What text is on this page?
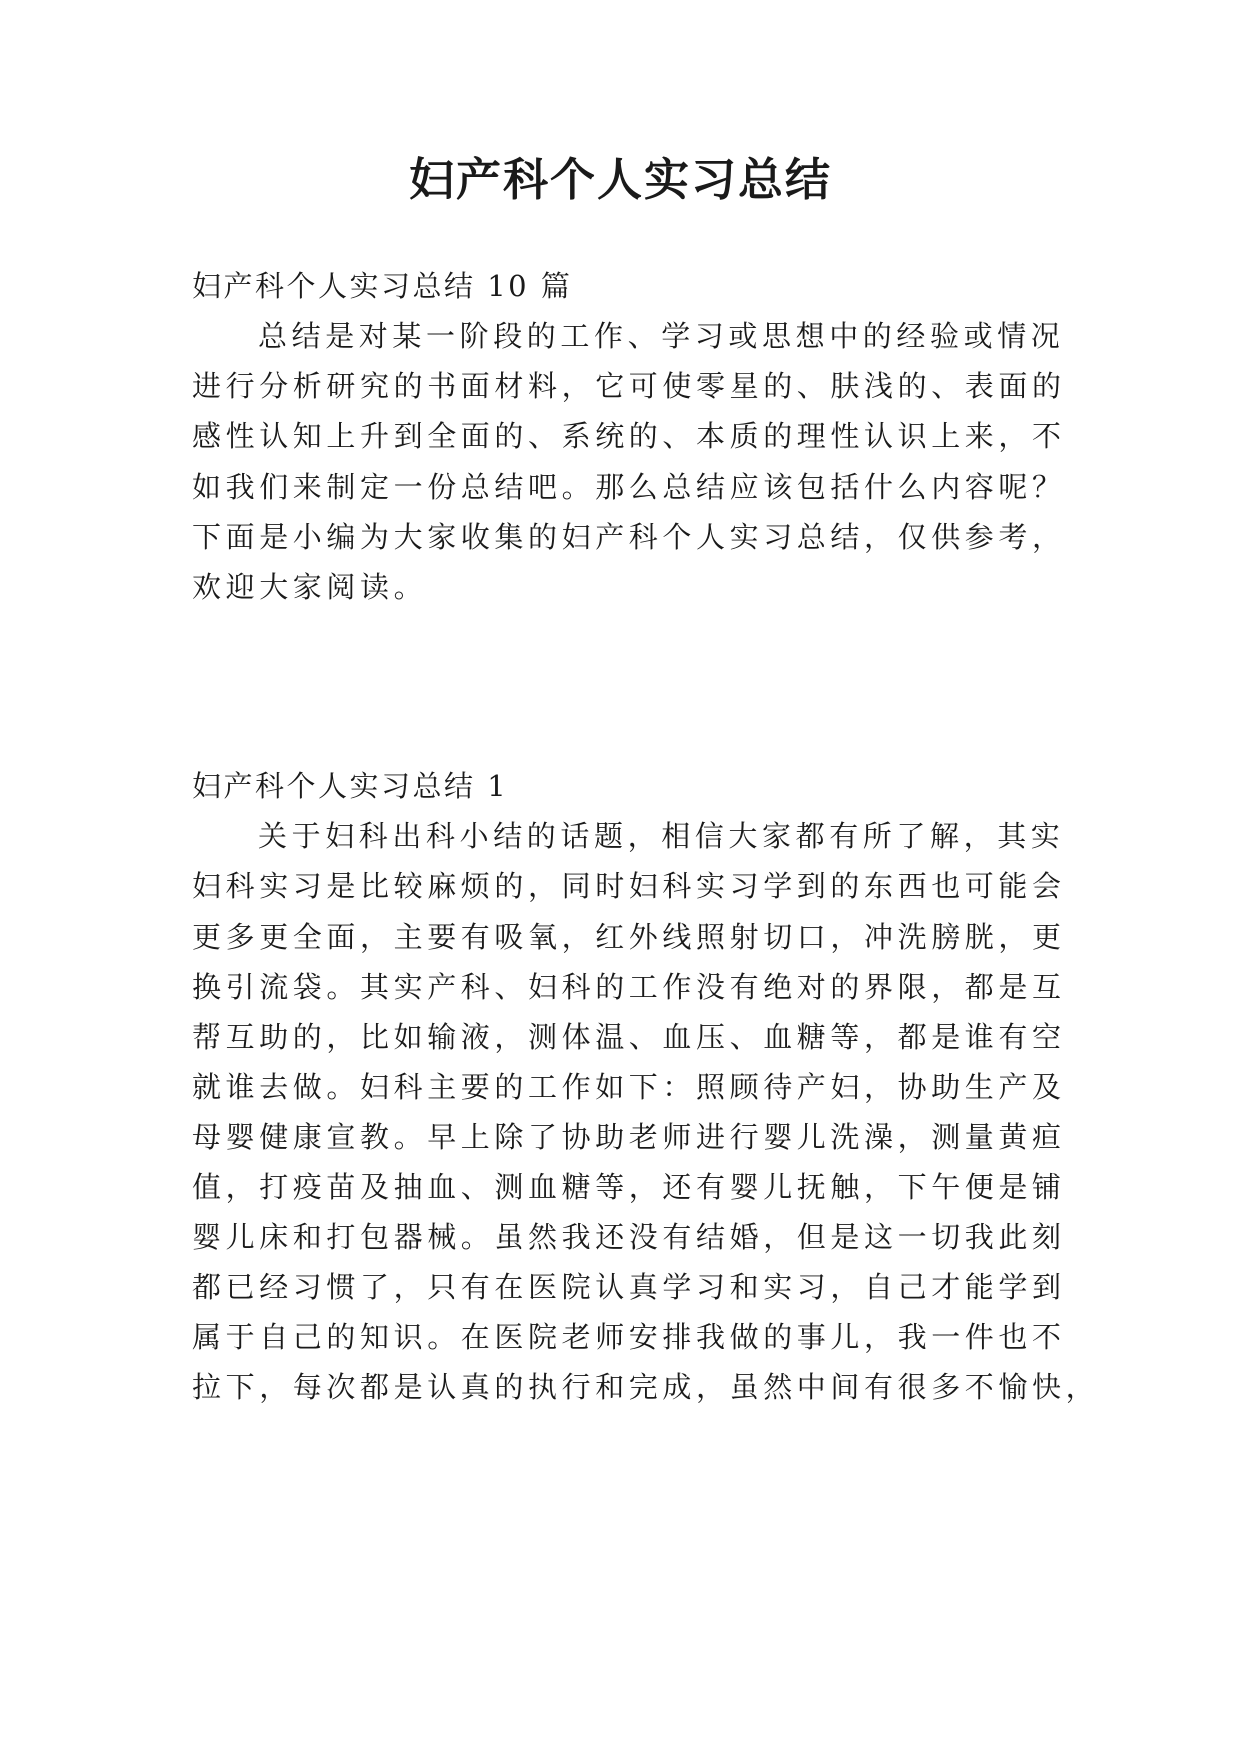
妇产科个人实习总结

妇产科个人实习总结 10 篇

总结是对某一阶段的工作、学习或思想中的经验或情况

进行分析研究的书面材料，它可使零星的、肤浅的、表面的

感性认知上升到全面的、系统的、本质的理性认识上来，不

如我们来制定一份总结吧。那么总结应该包括什么内容呢？

下面是小编为大家收集的妇产科个人实习总结，仅供参考，

欢迎大家阅读。

妇产科个人实习总结 1

关于妇科出科小结的话题，相信大家都有所了解，其实

妇科实习是比较麻烦的，同时妇科实习学到的东西也可能会

更多更全面，主要有吸氧，红外线照射切口，冲洗膀胱，更

换引流袋。其实产科、妇科的工作没有绝对的界限，都是互

帮互助的，比如输液，测体温、血压、血糖等，都是谁有空

就谁去做。妇科主要的工作如下：照顾待产妇，协助生产及

母婴健康宣教。早上除了协助老师进行婴儿洗澡，测量黄疸

值，打疫苗及抽血、测血糖等，还有婴儿抚触，下午便是铺

婴儿床和打包器械。虽然我还没有结婚，但是这一切我此刻

都已经习惯了，只有在医院认真学习和实习，自己才能学到

属于自己的知识。在医院老师安排我做的事儿，我一件也不

拉下，每次都是认真的执行和完成，虽然中间有很多不愉快，
